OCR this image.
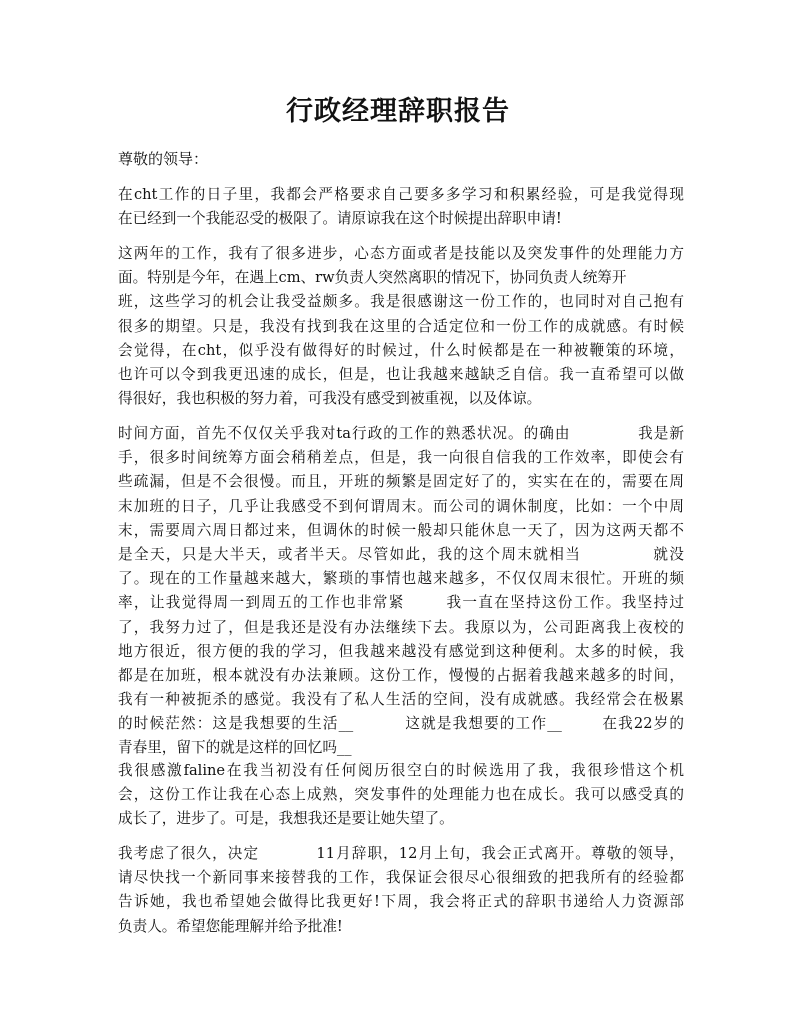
行政经理辞职报告

尊敬的领导：

在cht工作的日子里，我都会严格要求自己要多多学习和积累经验，可是我觉得现
在已经到一个我能忍受的极限了。请原谅我在这个时候提出辞职申请!
这两年的工作，我有了很多进步，心态方面或者是技能以及突发事件的处理能力方
面。特别是今年，在遇上cm、rw负责人突然离职的情况下，协同负责人统筹开
班，这些学习的机会让我受益颇多。我是很感谢这一份工作的，也同时对自己抱有
很多的期望。只是，我没有找到我在这里的合适定位和一份工作的成就感。有时候
会觉得，在cht，似乎没有做得好的时候过，什么时候都是在一种被鞭策的环境，
也许可以令到我更迅速的成长，但是，也让我越来越缺乏自信。我一直希望可以做
得很好，我也积极的努力着，可我没有感受到被重视，以及体谅。
时间方面，首先不仅仅关乎我对ta行政的工作的熟悉状况。的确由            我是新
手，很多时间统筹方面会稍稍差点，但是，我一向很自信我的工作效率，即使会有
些疏漏，但是不会很慢。而且，开班的频繁是固定好了的，实实在在的，需要在周
末加班的日子，几乎让我感受不到何谓周末。而公司的调休制度，比如：一个中周
末，需要周六周日都过来，但调休的时候一般却只能休息一天了，因为这两天都不
是全天，只是大半天，或者半天。尽管如此，我的这个周末就相当            就没
了。现在的工作量越来越大，繁琐的事情也越来越多，不仅仅周末很忙。开班的频
率，让我觉得周一到周五的工作也非常紧       我一直在坚持这份工作。我坚持过
了，我努力过了，但是我还是没有办法继续下去。我原以为，公司距离我上夜校的
地方很近，很方便的我的学习，但我越来越没有感觉到这种便利。太多的时候，我
都是在加班，根本就没有办法兼顾。这份工作，慢慢的占据着我越来越多的时间，
我有一种被扼杀的感觉。我没有了私人生活的空间，没有成就感。我经常会在极累
的时候茫然：这是我想要的生活__         这就是我想要的工作__       在我22岁的
青春里，留下的就是这样的回忆吗__
我很感激faline在我当初没有任何阅历很空白的时候选用了我，我很珍惜这个机
会，这份工作让我在心态上成熟，突发事件的处理能力也在成长。我可以感受真的
成长了，进步了。可是，我想我还是要让她失望了。
我考虑了很久，决定          11月辞职，12月上旬，我会正式离开。尊敬的领导，
请尽快找一个新同事来接替我的工作，我保证会很尽心很细致的把我所有的经验都
告诉她，我也希望她会做得比我更好!下周，我会将正式的辞职书递给人力资源部
负责人。希望您能理解并给予批准!
